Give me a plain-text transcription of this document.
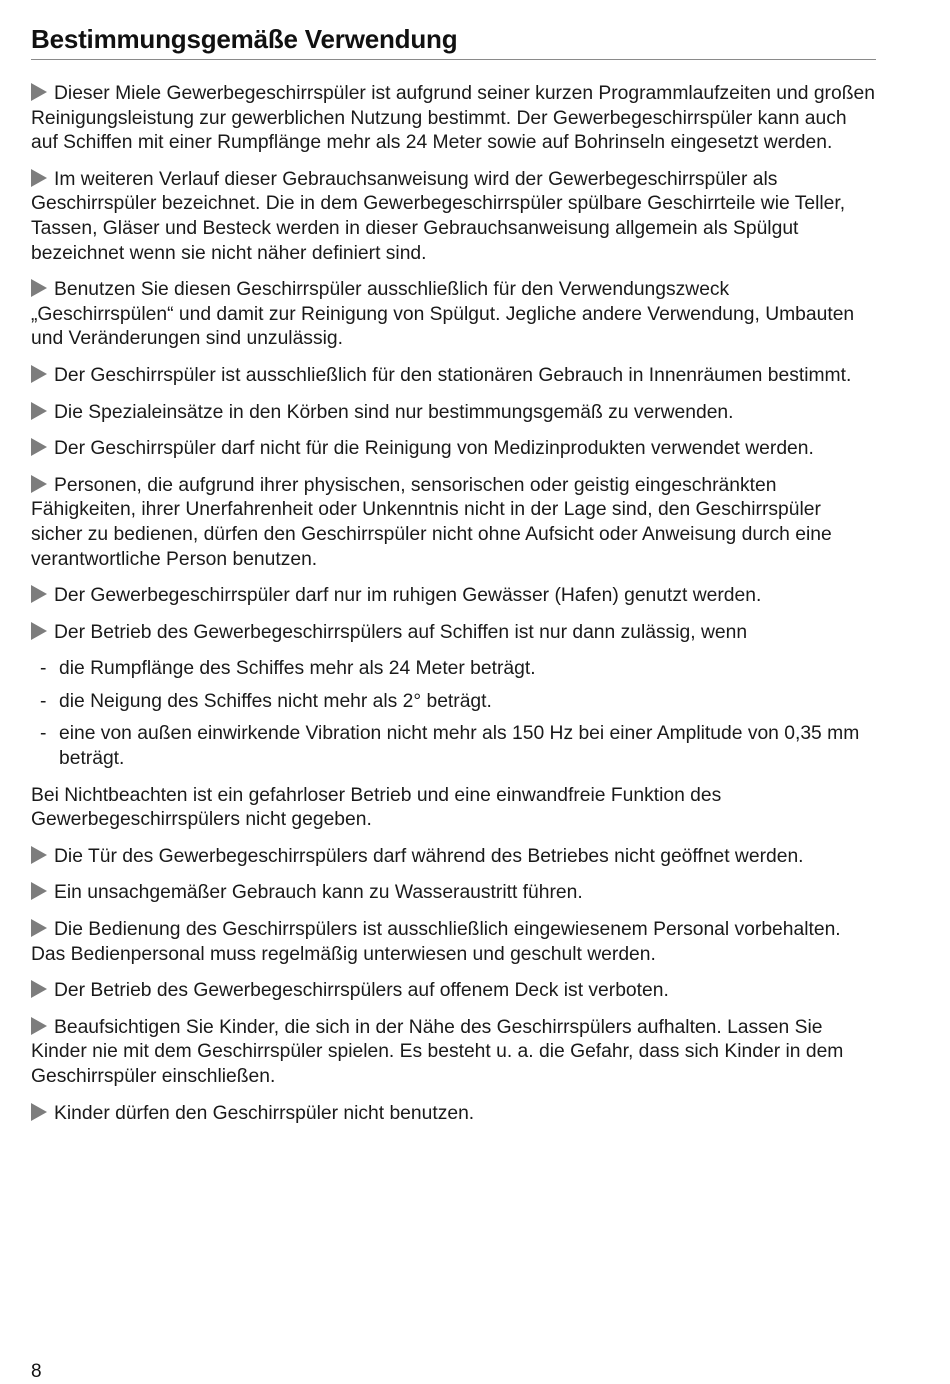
Bestimmungsgemäße Verwendung

Dieser Miele Gewerbegeschirrspüler ist aufgrund seiner kurzen Programmlaufzeiten und großen Reinigungsleistung zur gewerblichen Nutzung bestimmt. Der Gewerbegeschirrspüler kann auch auf Schiffen mit einer Rumpflänge mehr als 24 Meter sowie auf Bohrinseln eingesetzt werden.

Im weiteren Verlauf dieser Gebrauchsanweisung wird der Gewerbegeschirrspüler als Geschirrspüler bezeichnet. Die in dem Gewerbegeschirrspüler spülbare Geschirrteile wie Teller, Tassen, Gläser und Besteck werden in dieser Gebrauchsanweisung allgemein als Spülgut bezeichnet wenn sie nicht näher definiert sind.

Benutzen Sie diesen Geschirrspüler ausschließlich für den Verwendungszweck „Geschirrspülen“ und damit zur Reinigung von Spülgut. Jegliche andere Verwendung, Umbauten und Veränderungen sind unzulässig.

Der Geschirrspüler ist ausschließlich für den stationären Gebrauch in Innenräumen bestimmt.

Die Spezialeinsätze in den Körben sind nur bestimmungsgemäß zu verwenden.

Der Geschirrspüler darf nicht für die Reinigung von Medizinprodukten verwendet werden.

Personen, die aufgrund ihrer physischen, sensorischen oder geistig eingeschränkten Fähigkeiten, ihrer Unerfahrenheit oder Unkenntnis nicht in der Lage sind, den Geschirrspüler sicher zu bedienen, dürfen den Geschirrspüler nicht ohne Aufsicht oder Anweisung durch eine verantwortliche Person benutzen.

Der Gewerbegeschirrspüler darf nur im ruhigen Gewässer (Hafen) genutzt werden.

Der Betrieb des Gewerbegeschirrspülers auf Schiffen ist nur dann zulässig, wenn

- die Rumpflänge des Schiffes mehr als 24 Meter beträgt.
- die Neigung des Schiffes nicht mehr als 2° beträgt.
- eine von außen einwirkende Vibration nicht mehr als 150 Hz bei einer Amplitude von 0,35 mm beträgt.

Bei Nichtbeachten ist ein gefahrloser Betrieb und eine einwandfreie Funktion des Gewerbegeschirrspülers nicht gegeben.

Die Tür des Gewerbegeschirrspülers darf während des Betriebes nicht geöffnet werden.

Ein unsachgemäßer Gebrauch kann zu Wasseraustritt führen.

Die Bedienung des Geschirrspülers ist ausschließlich eingewiesenem Personal vorbehalten. Das Bedienpersonal muss regelmäßig unterwiesen und geschult werden.

Der Betrieb des Gewerbegeschirrspülers auf offenem Deck ist verboten.

Beaufsichtigen Sie Kinder, die sich in der Nähe des Geschirrspülers aufhalten. Lassen Sie Kinder nie mit dem Geschirrspüler spielen. Es besteht u. a. die Gefahr, dass sich Kinder in dem Geschirrspüler einschließen.

Kinder dürfen den Geschirrspüler nicht benutzen.

8
